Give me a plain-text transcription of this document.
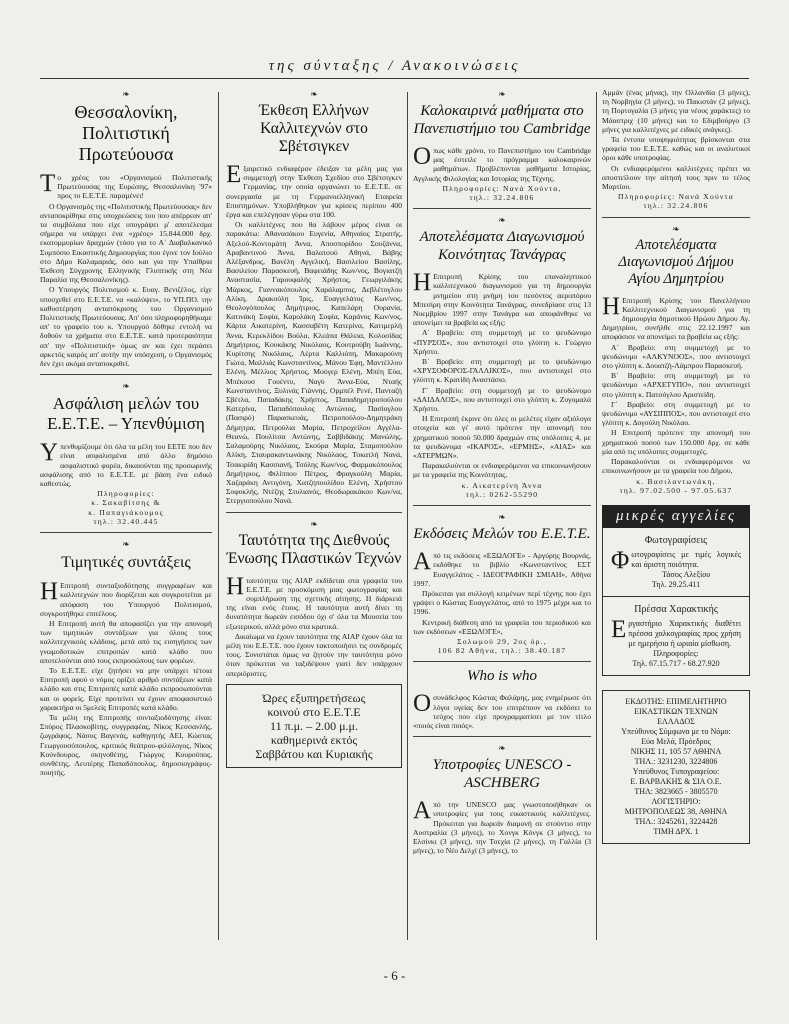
της σύνταξης / Ανακοινώσεις
❧
Θεσσαλονίκη, Πολιτιστική Πρωτεύουσα

Το χρέος του «Οργανισμού Πολιτιστικής Πρωτεύουσας της Ευρώπης, Θεσσαλονίκη '97» προς το Ε.Ε.Τ.Ε. παραμένει!

Ο Οργανισμός της «Πολιτιστικής Πρωτεύουσας» δεν ανταποκρίθηκε στις υποχρεώσεις του που απέρρεαν απ' τα συμβόλαια που είχε υπογράψει μ' αποτέλεσμα σήμερα να υπάρχει ένα «χρέος» 15.844.000 δρχ. εκατομμυρίων δραχμών (τόσο για το Α΄ Διαβαλκανικό Συμπόσιο Εικαστικής Δημιουργίας που έγινε τον Ιούλιο στο Δήμο Καλαμαριάς, όσο και για την Υπαίθρια Έκθεση Σύγχρονης Ελληνικής Γλυπτικής στη Νέα Παραλία της Θεσσαλονίκης).

Ο Υπουργός Πολιτισμού κ. Ευαγ. Βενιζέλος, είχε υποσχεθεί στο Ε.Ε.Τ.Ε. να «καλύψει», το ΥΠ.ΠΟ. την καθυστέρηση ανταπόκρισης του Οργανισμού Πολιτιστικής Πρωτεύουσας. Απ' όσο πληροφορηθήκαμε απ' το γραφείο του κ. Υπουργού δόθηκε εντολή να δοθούν τα χρήματα στο Ε.Ε.Τ.Ε. κατά προτεραιότητα απ' την «Πολιτιστική» όμως αν και έχει περάσει αρκετός καιρός απ' αυτήν την υπόσχεση, ο Οργανισμός δεν έχει ακόμα ανταποκριθεί.

❧
Ασφάλιση μελών του Ε.Ε.Τ.Ε. – Υπενθύμιση

Υπενθυμίζουμε ότι όλα τα μέλη του ΕΕΤΕ που δεν είναι ασφαλισμένα από άλλο δημόσιο ασφαλιστικό φορέα, δικαιούνται της προσωρινής ασφάλισης από το Ε.Ε.Τ.Ε. με βάση ένα ειδικό καθεστώς.

Πληροφορίες:

κ. Σακαβίτσης &

κ. Παπαγιάκουμος

τηλ.: 32.40.445

❧
Τιμητικές συντάξεις

Η Επιτροπή συνταξιοδότησης συγγραφέων και καλλιτεχνών που διορίζεται και συγκροτείται με απόφαση του Υπουργού Πολιτισμού, συγκροτήθηκε επιτέλους.

Η Επιτροπή αυτή θα αποφασίζει για την απονομή των τιμητικών συντάξεων για όλους τους καλλιτεχνικούς κλάδους, μετά από τις εισηγήσεις των γνωμοδοτικών επιτροπών κατά κλάδο που αποτελούνται από τους εκπροσώπους των φορέων.

Το Ε.Ε.Τ.Ε. είχε ζητήσει να μην υπάρχει τέτοια Επιτροπή αφού ο νόμος ορίζει αριθμό συντάξεων κατά κλάδο και στις Επιτροπές κατά κλάδο εκπροσωπούνται και οι φορείς. Είχε προτείνει να έχουν αποφασιστικό χαρακτήρα οι 5μελείς Επιτροπές κατά κλάδο.

Τα μέλη της Επιτροπής συνταξιοδότησης είναι: Σπύρος Πλασκοβίτης, συγγραφέας, Νίκος Κεσσανλής, ζωγράφος, Νάσος Βαγενάς, καθηγητής ΑΕΙ, Κώστας Γεωργουσόπουλος, κριτικός θεάτρου-φιλόλογος, Νίκος Κούνδουρος, σκηνοθέτης, Γιώργος Κουρούπος, συνθέτης, Λευτέρης Παπαδόπουλος, δημοσιογράφος-ποιητής.

❧
Έκθεση Ελλήνων Καλλιτεχνών στο Σβέτσιγκεν

Εξαιρετικό ενδιαφέρον έδειξαν τα μέλη μας για συμμετοχή στην Έκθεση Σχεδίου στο Σβέτσιγκεν Γερμανίας, την οποία οργανώνει το Ε.Ε.Τ.Ε. σε συνεργασία με τη Γερμανοελληνική Εταιρεία Επιστημόνων. Υποβλήθηκαν για κρίσεις περίπου 400 έργα και επελέγησαν γύρω στα 100.

Οι καλλιτέχνες που θα λάβουν μέρος είναι οι παρακάτω: Αθανασάκου Ευγενία, Αθηναίος Στρατής, Αξελού-Κοντομάτη Άννα, Αποσπορίδου Σουζάννα, Αραβαντινού Άννα, Βαλατσού Αθηνά, Βάβης Αλέξανδρος, Βανέλη Αγγελική, Βασιλείου Βασίλης, Βασιλείου Παρασκευή, Βαφειάδης Κων/νος, Βογιατζή Αναστασία, Γαρουφαλής Χρήστος, Γεωργιλάκης Μάρκος, Γιαννακόπουλος Χαράλαμπος, Δεβλέτογλου Αλίκη, Δρακούλη Ίρις, Ευαγγελάτος Κων/νος, Θεολογόπουλος Δημήτριος, Καπελάρη Ουρανία, Κατινάκη Σοφία, Καρολάκη Σοφία, Καράνος Κων/νος, Κάρτα Αικατερίνη, Κασσαβέτη Κατερίνα, Κατιμερλή Άννα, Κερεκλίδου Βούλα, Κλεάπα Θάλεια, Κολοσίδας Δημήτριος, Κουκάκης Νικόλαος, Κουτρούβη Ιωάννης, Κυρίτσης Νικόλαος, Λέρτα Καλλιόπη, Μακαρούνη Γιώτα, Μαλλιάς Κωνσταντίνος, Μάνου Έφη, Μαντέλλου Ελένη, Μέλλιος Χρήστος, Μούγερ Ελένη, Μπέη Εύα, Μπέκουσ Γουέντυ, Ναγύ Άννα-Εύα, Νταής Κωνσταντίνος, Ξυλινάς Γιάννης, Ορμπέλ Ρενέ, Πανταζή Σβέτλα, Παπαδάκης Χρήστος, Παπαδημητροπούλου Κατερίνα, Παπαδόπουλος Αντώνιος, Πασίογλου (Πασιρό) Παρασκευάς, Πετροπούλου-Δημητράκη Δήμητρα, Πετρούλια Μαρία, Πετροχείλου Αγγέλα-Θεανώ, Πουλίτσα Αντώνης, Σαββιδάκης Μανώλης, Σαλαμούρης Νικόλαος, Σκούρα Μαρία, Σταμοπούλου Αλίκη, Σταυρακαντωνάκης Νικόλαος, Τοκατλή Νανά, Τσακιρίδη Κασσιανή, Τσόλης Κων/νος, Φαρμακόπουλος Δημήτριος, Φιλίππου Πέτρος, Φραγκούλη Μαρία, Χαζαράκη Αντιγόνη, Χατζηπουλίδου Ελένη, Χρήστου Σοφοκλής, Ντέζης Στυλιανός, Θεοδωρακάκου Κων/να, Στεργιοπούλου Νανά.

❧
Ταυτότητα της Διεθνούς Ένωσης Πλαστικών Τεχνών

Ηταυτότητα της ΑΙΑΡ εκδίδεται στα γραφεία του Ε.Ε.Τ.Ε. με προσκόμιση μιας φωτογραφίας και συμπλήρωση της σχετικής αίτησης. Η διάρκειά της είναι ενός έτους. Η ταυτότητα αυτή δίνει τη δυνατότητα δωρεάν εισόδου όχι σ' όλα τα Μουσεία του εξωτερικού, αλλά μόνο στα κρατικά.

Δικαίωμα να έχουν ταυτότητα της ΑΙΑΡ έχουν όλα τα μέλη του Ε.Ε.Τ.Ε. που έχουν τακτοποιήσει τις συνδρομές τους. Συνιστάται όμως να ζητούν την ταυτότητα μόνο όταν πρόκειται να ταξιδέψουν γιατί δεν υπάρχουν απεριόριστες.

Ώρες εξυπηρετήσεως

κοινού στο Ε.Ε.Τ.Ε

11 π.μ. – 2.00 μ.μ.

καθημερινά εκτός

Σαββάτου και Κυριακής

❧
Καλοκαιρινά μαθήματα στο Πανεπιστήμιο του Cambridge

Οπως κάθε χρόνο, το Πανεπιστήμιο του Cambridge μας έστειλε το πρόγραμμα καλοκαιρινών μαθημάτων. Προβλέπονται μαθήματα Ιστορίας, Αγγλικής Φιλολογίας και Ιστορίας της Τέχνης.

Πληροφορίες: Νανά Χούντα,

τηλ.: 32.24.806

❧
Αποτελέσματα Διαγωνισμού Κοινότητας Τανάγρας

Η Επιτροπή Κρίσης του επαναληπτικού καλλιτεχνικού διαγωνισμού για τη δημιουργία μνημείου στη μνήμη του πεσόντος αεροπόρου Μπεσίρη στην Κοινότητα Τανάγρας, συνεδρίασε στις 13 Νοεμβρίου 1997 στην Τανάγρα και αποφάνθηκε να απονείμει τα βραβεία ως εξής:

Α΄ Βραβείο: στη συμμετοχή με το ψευδώνυμο «ΠΥΡΣΟΣ», που αντιστοιχεί στο γλύπτη κ. Γεώργιο Χρήστο.

Β΄ Βραβείο: στη συμμετοχή με το ψευδώνυμο «ΧΡΥΣΟΦΟΡΟΣ-ΓΑΛΛΙΚΟΣ», που αντιστοιχεί στο γλύπτη κ. Κρατίδη Αναστάσιο.

Γ΄ Βραβείο: στη συμμετοχή με το ψευδώνυμο «ΔΑΙΔΑΛΟΣ», που αντιστοιχεί στο γλύπτη κ. Ζυγομαλά Χρήστο.

Η Επιτροπή έκρινε ότι όλες οι μελέτες είχαν αξιόλογα στοιχεία και γι' αυτό πρότεινε την απονομή του χρηματικού ποσού 50.000 δραχμών στις υπόλοιπες 4, με τα ψευδώνυμα «ΙΚΑΡΟΣ», «ΕΡΜΗΣ», «ΑΙΑΣ» και «ΑΤΕΡΜΩΝ».

Παρακαλούνται οι ενδιαφερόμενοι να επικοινωνήσουν με τα γραφεία της Κοινότητας,

κ. Αικατερίνη Άννα

τηλ.: 0262-55290

❧
Εκδόσεις Μελών του Ε.Ε.Τ.Ε.

Από τις εκδόσεις «ΕΞΩΛΟΓΕ» - Αργύρης Βουρνάς, εκδόθηκε το βιβλίο «Κωνσταντίνος ΕΣΤ Ευαγγελάτος - ΙΔΕΟΓΡΑΦΙΚΗ ΣΜΙΑΗ», Αθήνα 1997.

Πρόκειται για συλλογή κειμένων περί τέχνης που έχει γράψει ο Κώστας Ευαγγελάτος, από το 1975 μέχρι και το 1996.

Κεντρική διάθεση από τα γραφεία του περιοδικού και των εκδόσεων «ΕΞΩΛΟΓΕ»,

Σολωμού 29, 2ος όρ.,

106 82 Αθήνα, τηλ.: 38.40.187

Who is who

Οσυνάδελφος Κώστας Φαλάρης, μας ενημέρωσε ότι λόγοι υγείας δεν του επιτρέπουν να εκδόσει το τεύχος που είχε προγραμματίσει με τον τίτλο «ποιός είναι ποιός».

❧
Υποτροφίες UNESCO - ASCHBERG

Από την UNESCO μας γνωστοποιήθηκαν οι υποτροφίες για τους εικαστικούς καλλιτέχνες. Πρόκειται για δωρεάν διαμονή σε στούντιο στην Αυστραλία (3 μήνες), το Χονγκ Κόνγκ (3 μήνες), το Ελσίνκι (3 μήνες), την Τσεχία (2 μήνες), τη Γαλλία (3 μήνες), το Νέο Δελχί (3 μήνες), το

Αμμάν (ένας μήνας), την Ολλανδία (3 μήνες), τη Νορβηγία (3 μήνες), το Πακιστάν (2 μήνες), τη Πορτογαλία (3 μήνες για νέους χαράκτες) το Μάαστριχ (10 μήνες) και το Εδιμβούργο (3 μήνες για καλλιτέχνες με ειδικές ανάγκες).

Τα έντυπα υποψηφιότητας βρίσκονται στα γραφεία του Ε.Ε.Τ.Ε. καθώς και οι αναλυτικοί όροι κάθε υποτροφίας.

Οι ενδιαφερόμενοι καλλιτέχνες πρέπει να αποστείλουν την αίτησή τους πριν το τέλος Μαρτίου.

Πληροφορίες: Νανά Χούντα

τηλ.: 32.24.806

❧
Αποτελέσματα Διαγωνισμού Δήμου Αγίου Δημητρίου

Η Επιτροπή Κρίσης του Πανελλήνιου Καλλιτεχνικού Διαγωνισμού για τη δημιουργία δημοτικού Ηρώου Δήμου Αγ. Δημητρίου, συνήλθε στις 22.12.1997 και αποφάσισε να απονείμει τα βραβεία ως εξής:

Α΄ Βραβείο: στη συμμετοχή με το ψευδώνυμο «ΑΛΚΥΝΟΟΣ», που αντιστοιχεί στο γλύπτη κ. Δουατζή-Λάμπρου Παρασκευή.

Β΄ Βραβείο: στη συμμετοχή με το ψευδώνυμο «ΑΡΧΕΤΥΠΟ», που αντιστοιχεί στο γλύπτη κ. Πατσόγλου Αριστείδη.

Γ΄ Βραβείο: στη συμμετοχή με το ψευδώνυμο «ΑΥΣΙΠΠΟΣ», που αντιστοιχεί στο γλύπτη κ. Δογούλη Νικόλαο.

Η Επιτροπή πρότεινε την απονομή του χρηματικού ποσού των 150.000 δρχ. σε κάθε μία από τις υπόλοιπες συμμετοχές.

Παρακαλούνται οι ενδιαφερόμενοι να επικοινωνήσουν με τα γραφεία του Δήμου,

κ. Βασιλαντωνάκη,

τηλ. 97.02.500 - 97.05.637

μικρές αγγελίες
Φωτογραφίσεις

Φωτογραφίσεις με τιμές λογικές και άριστη ποιότητα.

Τάσος Αλεξίου

Τηλ. 29.25.411

Πρέσσα Χαρακτικής

Εργαστήριο Χαρακτικής διαθέτει πρέσσα χαλκογραφίας προς χρήση με ημερήσια ή ωριαία μίσθωση.

Πληροφορίες:

Τηλ. 67.15.717 - 68.27.920

ΕΚΔΟΤΗΣ: ΕΠΙΜΕΛΗΤΗΡΙΟ
ΕΙΚΑΣΤΙΚΩΝ ΤΕΧΝΩΝ
ΕΛΛΑΔΟΣ
Υπεύθυνος Σύμφωνα με το Νόμο:
Εύα Μελά, Πρόεδρος
ΝΙΚΗΣ 11, 105 57 ΑΘΗΝΑ
ΤΗΛ.: 3231230, 3224806
Υπεύθυνος Τυπογραφείου:
Ε. ΒΑΡΒΑΚΗΣ & ΣΙΑ Ο.Ε.
ΤΗΛ: 3823665 - 3805570
ΛΟΓΙΣΤΗΡΙΟ:
ΜΗΤΡΟΠΟΛΕΩΣ 38, ΑΘΗΝΑ
ΤΗΛ.: 3245261, 3224428
ΤΙΜΗ ΔΡΧ. 1
- 6 -
